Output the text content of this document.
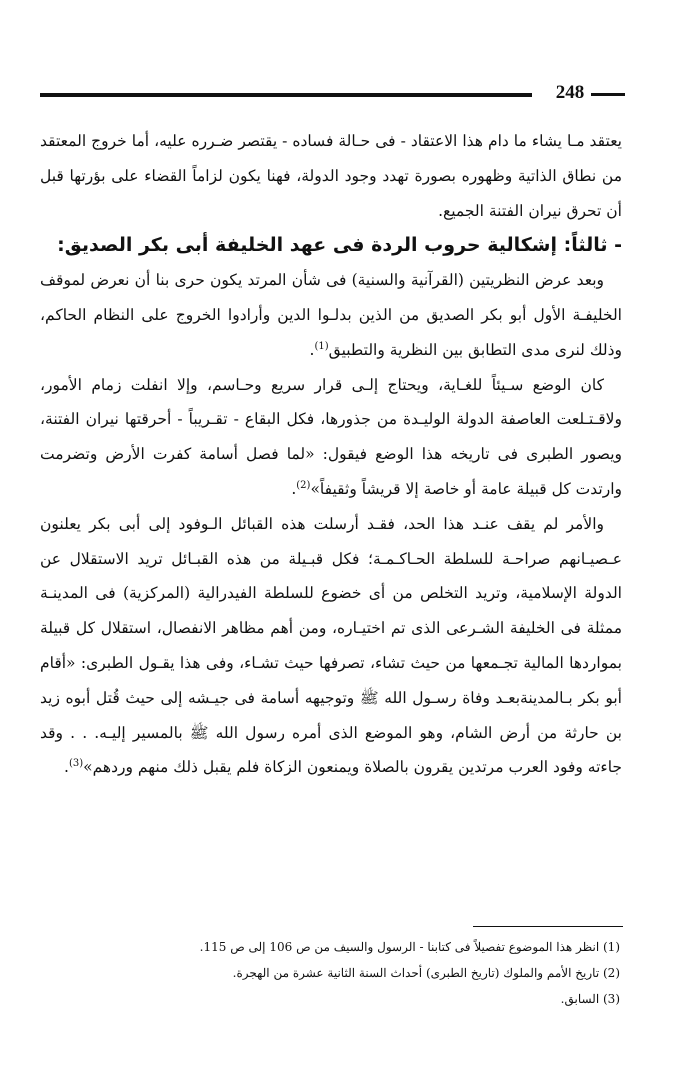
248

يعتقد مـا يشاء ما دام هذا الاعتقاد - فى حـالة فساده - يقتصر ضـرره عليه، أما خروج المعتقد من نطاق الذاتية وظهوره بصورة تهدد وجود الدولة، فهنا يكون لزاماً القضاء على بؤرتها قبل أن تحرق نيران الفتنة الجميع.

- ثالثاً: إشكالية حروب الردة فى عهد الخليفة أبى بكر الصديق:

وبعد عرض النظريتين (القرآنية والسنية) فى شأن المرتد يكون حرى بنا أن نعرض لموقف الخليفـة الأول أبو بكر الصديق من الذين بدلـوا الدين وأرادوا الخروج على النظام الحاكم، وذلك لنرى مدى التطابق بين النظرية والتطبيق$^{(1)}$.

كان الوضع سـيئاً للغـاية، ويحتاج إلـى قرار سريع وحـاسم، وإلا انفلت زمام الأمور، ولاقـتـلعت العاصفة الدولة الوليـدة من جذورها، فكل البقاع - تقـريباً - أحرقتها نيران الفتنة، ويصور الطبرى فى تاريخه هذا الوضع فيقول: «لما فصل أسامة كفرت الأرض وتضرمت وارتدت كل قبيلة عامة أو خاصة إلا قريشاً وثقيفاً»$^{(2)}$.

والأمر لم يقف عنـد هذا الحد، فقـد أرسلت هذه القبائل الـوفود إلى أبى بكر يعلنون عـصيـانهم صراحـة للسلطة الحـاكـمـة؛ فكل قبـيلة من هذه القبـائل تريد الاستقلال عن الدولة الإسلامية، وتريد التخلص من أى خضوع للسلطة الفيدرالية (المركزية) فى المدينـة ممثلة فى الخليفة الشـرعى الذى تم اختيـاره، ومن أهم مظاهر الانفصال، استقلال كل قبيلة بمواردها المالية تجـمعها من حيث تشاء، تصرفها حيث تشـاء، وفى هذا يقـول الطبرى: «أقام أبو بكر بـالمدينةبعـد وفاة رسـول الله ﷺ وتوجيهه أسامة فى جيـشه إلى حيث قُتل أبوه زيد بن حارثة من أرض الشام، وهو الموضع الذى أمره رسول الله ﷺ بالمسير إليـه. . . وقد جاءته وفود العرب مرتدين يقرون بالصلاة ويمنعون الزكاة فلم يقبل ذلك منهم وردهم»$^{(3)}$.

(1) انظر هذا الموضوع تفصيلاً فى كتابنا - الرسول والسيف من ص 106 إلى ص 115.
(2) تاريخ الأمم والملوك (تاريخ الطبرى) أحداث السنة الثانية عشرة من الهجرة.
(3) السابق.
